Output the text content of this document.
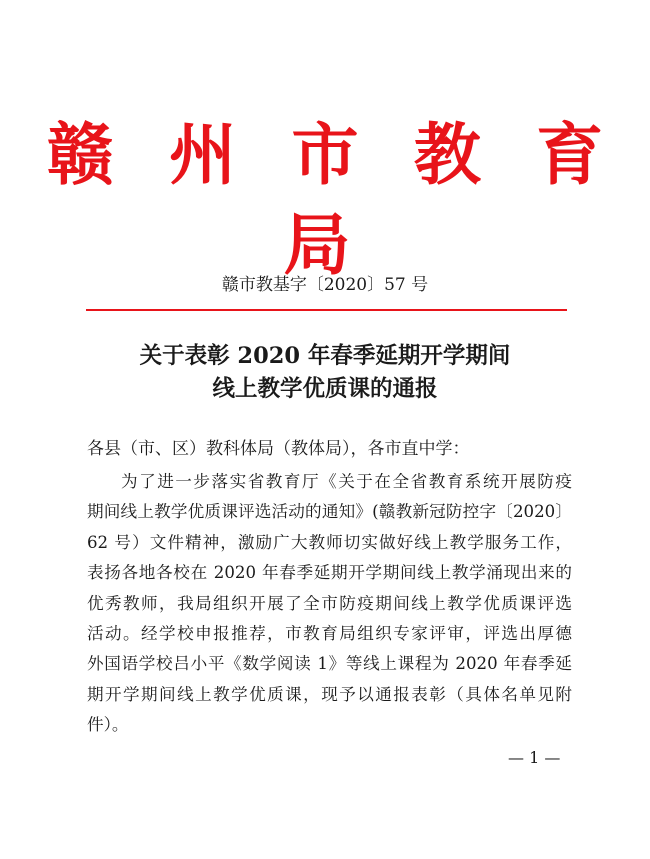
赣 州 市 教 育 局
赣市教基字〔2020〕57 号
关于表彰 2020 年春季延期开学期间
线上教学优质课的通报
各县（市、区）教科体局（教体局），各市直中学：
为了进一步落实省教育厅《关于在全省教育系统开展防疫
期间线上教学优质课评选活动的通知》(赣教新冠防控字〔2020〕
62 号）文件精神，激励广大教师切实做好线上教学服务工作，
表扬各地各校在 2020 年春季延期开学期间线上教学涌现出来的
优秀教师，我局组织开展了全市防疫期间线上教学优质课评选
活动。经学校申报推荐，市教育局组织专家评审，评选出厚德
外国语学校吕小平《数学阅读 1》等线上课程为 2020 年春季延
期开学期间线上教学优质课，现予以通报表彰（具体名单见附
件）。
— 1 —
